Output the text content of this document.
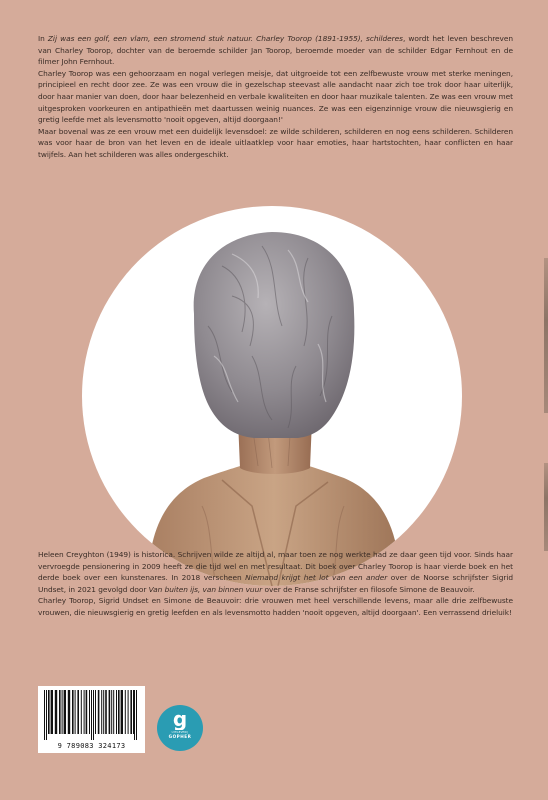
In Zij was een golf, een vlam, een stromend stuk natuur. Charley Toorop (1891-1955), schilderes, wordt het leven beschreven van Charley Toorop, dochter van de beroemde schilder Jan Toorop, beroemde moeder van de schilder Edgar Fernhout en de filmer John Fernhout.

Charley Toorop was een gehoorzaam en nogal verlegen meisje, dat uitgroeide tot een zelfbewuste vrouw met sterke meningen, principieel en recht door zee. Ze was een vrouw die in gezelschap steevast alle aandacht naar zich toe trok door haar uiterlijk, door haar manier van doen, door haar belezenheid en verbale kwaliteiten en door haar muzikale talenten. Ze was een vrouw met uitgesproken voorkeuren en antipathieën met daartussen weinig nuances. Ze was een eigenzinnige vrouw die nieuwsgierig en gretig leefde met als levensmotto 'nooit opgeven, altijd doorgaan!'

Maar bovenal was ze een vrouw met een duidelijk levensdoel: ze wilde schilderen, schilderen en nog eens schilderen. Schilderen was voor haar de bron van het leven en de ideale uitlaatklep voor haar emoties, haar hartstochten, haar conflicten en haar twijfels. Aan het schilderen was alles ondergeschikt.

Heleen Creyghton (1949) is historica. Schrijven wilde ze altijd al, maar toen ze nog werkte had ze daar geen tijd voor. Sinds haar vervroegde pensionering in 2009 heeft ze die tijd wel en met resultaat. Dit boek over Charley Toorop is haar vierde boek en het derde boek over een kunstenares. In 2018 verscheen Niemand krijgt het lot van een ander over de Noorse schrijfster Sigrid Undset, in 2021 gevolgd door Van buiten ijs, van binnen vuur over de Franse schrijfster en filosofe Simone de Beauvoir.

Charley Toorop, Sigrid Undset en Simone de Beauvoir: drie vrouwen met heel verschillende levens, maar alle drie zelfbewuste vrouwen, die nieuwsgierig en gretig leefden en als levensmotto hadden 'nooit opgeven, altijd doorgaan'. Een verrassend drieluik!

9 789083 324173
g
UITGEVERIJ
GOPHER
